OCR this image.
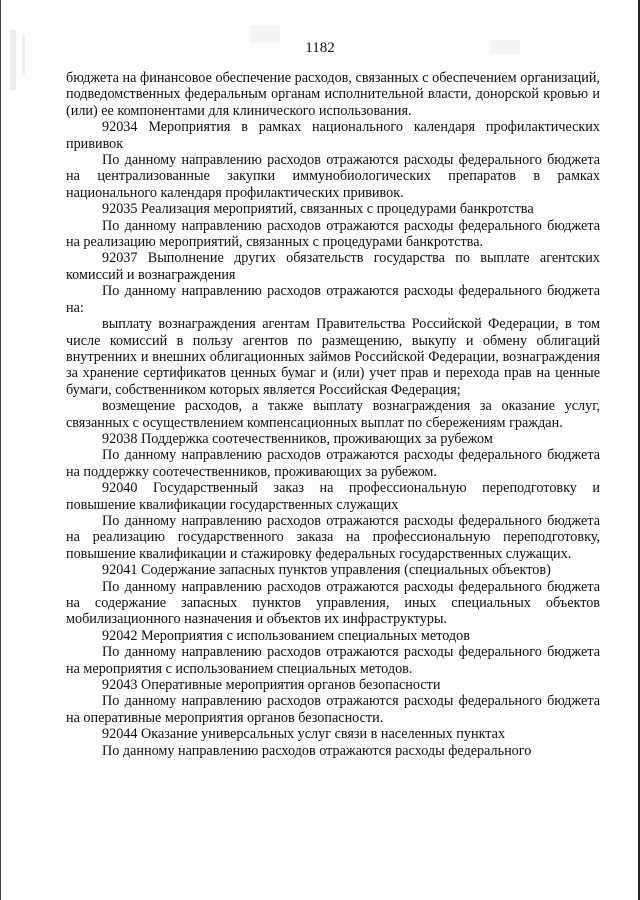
1182

бюджета на финансовое обеспечение расходов, связанных с обеспечением организаций, подведомственных федеральным органам исполнительной власти, донорской кровью и (или) ее компонентами для клинического использования.

92034 Мероприятия в рамках национального календаря профилактических прививок

По данному направлению расходов отражаются расходы федерального бюджета на централизованные закупки иммунобиологических препаратов в рамках национального календаря профилактических прививок.

92035 Реализация мероприятий, связанных с процедурами банкротства

По данному направлению расходов отражаются расходы федерального бюджета на реализацию мероприятий, связанных с процедурами банкротства.

92037 Выполнение других обязательств государства по выплате агентских комиссий и вознаграждения

По данному направлению расходов отражаются расходы федерального бюджета на:

выплату вознаграждения агентам Правительства Российской Федерации, в том числе комиссий в пользу агентов по размещению, выкупу и обмену облигаций внутренних и внешних облигационных займов Российской Федерации, вознаграждения за хранение сертификатов ценных бумаг и (или) учет прав и перехода прав на ценные бумаги, собственником которых является Российская Федерация;

возмещение расходов, а также выплату вознаграждения за оказание услуг, связанных с осуществлением компенсационных выплат по сбережениям граждан.

92038 Поддержка соотечественников, проживающих за рубежом

По данному направлению расходов отражаются расходы федерального бюджета на поддержку соотечественников, проживающих за рубежом.

92040 Государственный заказ на профессиональную переподготовку и повышение квалификации государственных служащих

По данному направлению расходов отражаются расходы федерального бюджета на реализацию государственного заказа на профессиональную переподготовку, повышение квалификации и стажировку федеральных государственных служащих.

92041 Содержание запасных пунктов управления (специальных объектов)

По данному направлению расходов отражаются расходы федерального бюджета на содержание запасных пунктов управления, иных специальных объектов мобилизационного назначения и объектов их инфраструктуры.

92042 Мероприятия с использованием специальных методов

По данному направлению расходов отражаются расходы федерального бюджета на мероприятия с использованием специальных методов.

92043 Оперативные мероприятия органов безопасности

По данному направлению расходов отражаются расходы федерального бюджета на оперативные мероприятия органов безопасности.

92044 Оказание универсальных услуг связи в населенных пунктах

По данному направлению расходов отражаются расходы федерального
